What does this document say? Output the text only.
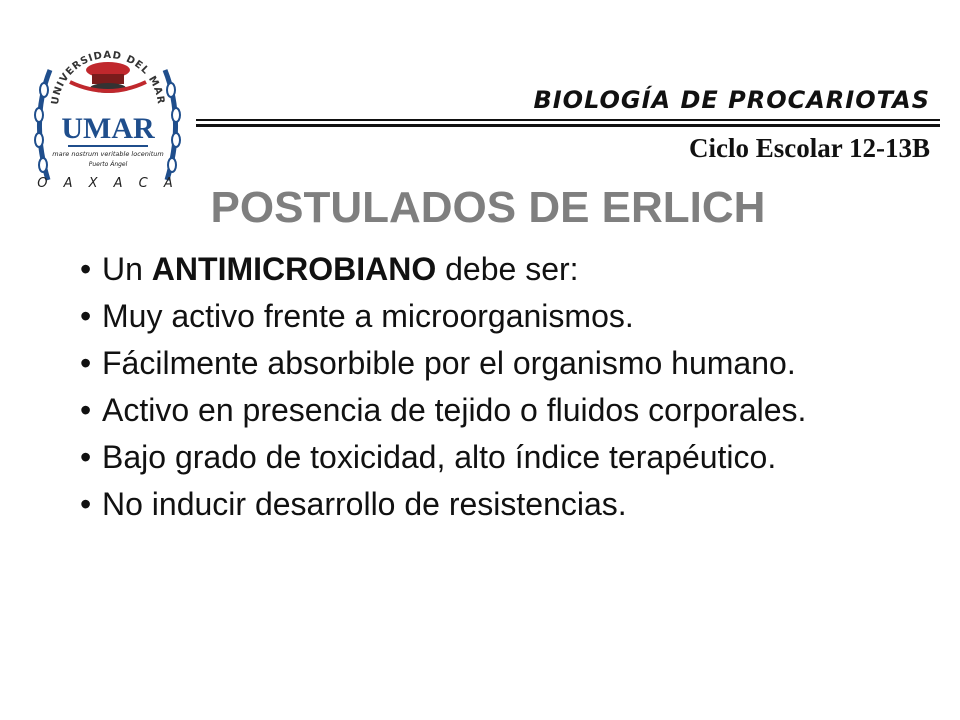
UNIVERSIDAD DEL MAR
UMAR
mare nostrum veritable locenitum
Puerto Ángel
O A X A C A
BIOLOGÍA DE PROCARIOTAS
Ciclo Escolar 12-13B
POSTULADOS DE ERLICH
• Un ANTIMICROBIANO debe ser:
• Muy activo frente a microorganismos.
• Fácilmente absorbible por el organismo humano.
• Activo en presencia de tejido o fluidos corporales.
• Bajo grado de toxicidad, alto índice terapéutico.
• No inducir desarrollo de resistencias.
